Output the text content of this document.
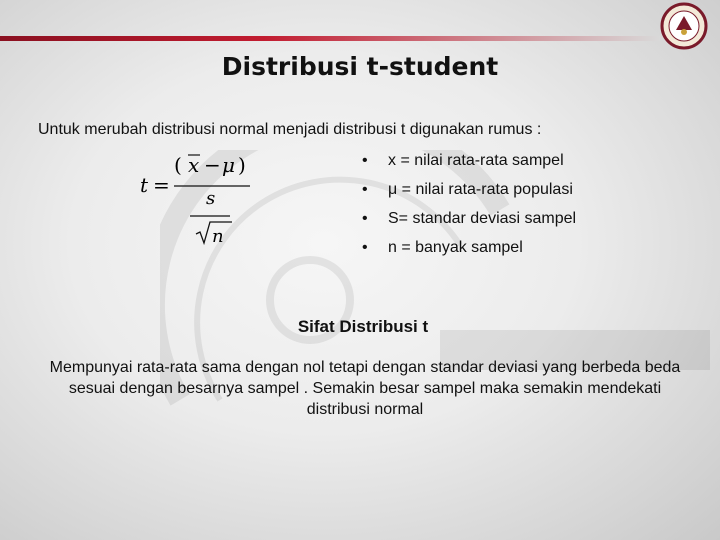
Distribusi t-student
Untuk merubah distribusi normal menjadi distribusi t digunakan rumus :
t =
( x − μ )
s
n
• x = nilai rata-rata sampel
• μ = nilai rata-rata populasi
• S= standar deviasi sampel
• n = banyak sampel
Sifat Distribusi t
Mempunyai rata-rata sama dengan nol tetapi dengan standar deviasi yang berbeda beda sesuai dengan besarnya sampel . Semakin besar sampel maka semakin mendekati distribusi normal
